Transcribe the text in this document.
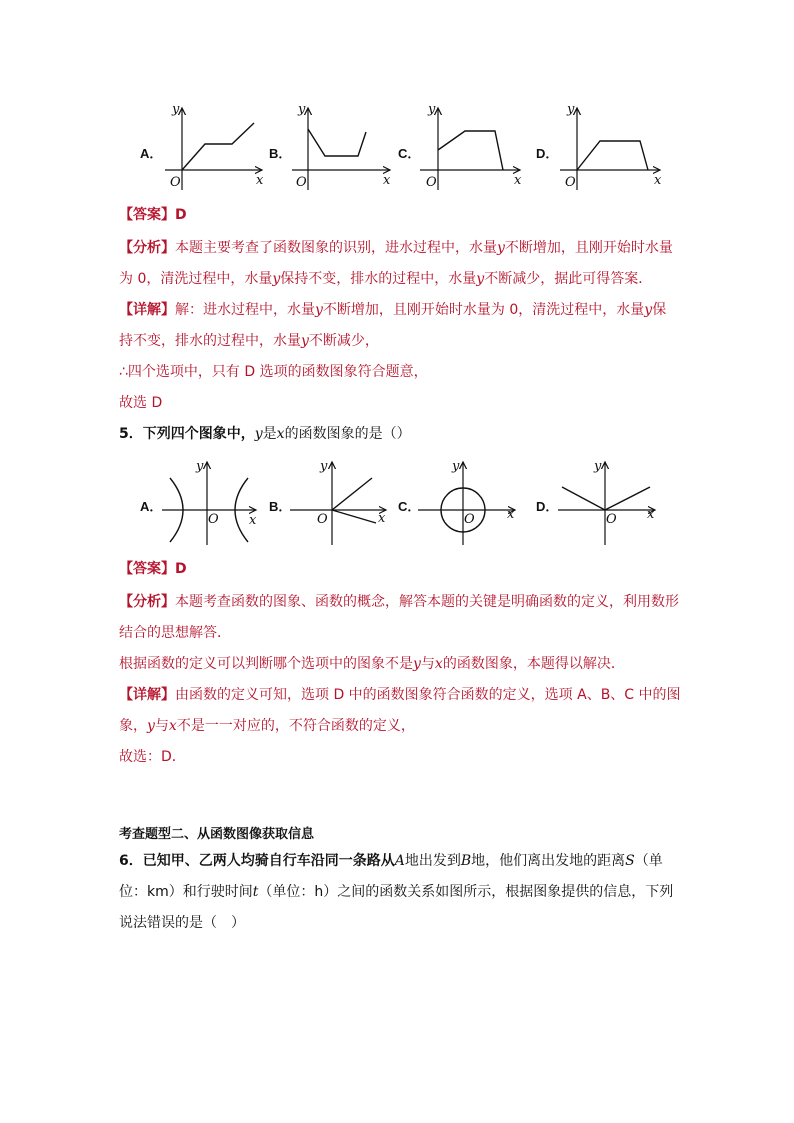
A．	B．	C．	D．
O	x
y
O	x
y
O	x
y
O	x
y
【答案】D
【分析】本题主要考查了函数图象的识别，进水过程中，水量y不断增加，且刚开始时水量
为 0，清洗过程中，水量y保持不变，排水的过程中，水量y不断减少，据此可得答案．
【详解】解：进水过程中，水量y不断增加，且刚开始时水量为 0，清洗过程中，水量y保
持不变，排水的过程中，水量y不断减少，
∴四个选项中，只有 D 选项的函数图象符合题意，
故选 D
5．下列四个图象中，y是x的函数图象的是（）
A．	B．	C．	D．
O x
y
O	x
y
O x
y
O x
y
【答案】D
【分析】本题考查函数的图象、函数的概念，解答本题的关键是明确函数的定义，利用数形
结合的思想解答．
根据函数的定义可以判断哪个选项中的图象不是y与x的函数图象，本题得以解决．
【详解】由函数的定义可知，选项 D 中的函数图象符合函数的定义，选项 A、B、C 中的图
象，y与x不是一一对应的，不符合函数的定义，
故选：D．
考查题型二、从函数图像获取信息
6．已知甲、乙两人均骑自行车沿同一条路从A地出发到B地，他们离出发地的距离S（单
位：km）和行驶时间t（单位：h）之间的函数关系如图所示，根据图象提供的信息，下列
说法错误的是（　）
